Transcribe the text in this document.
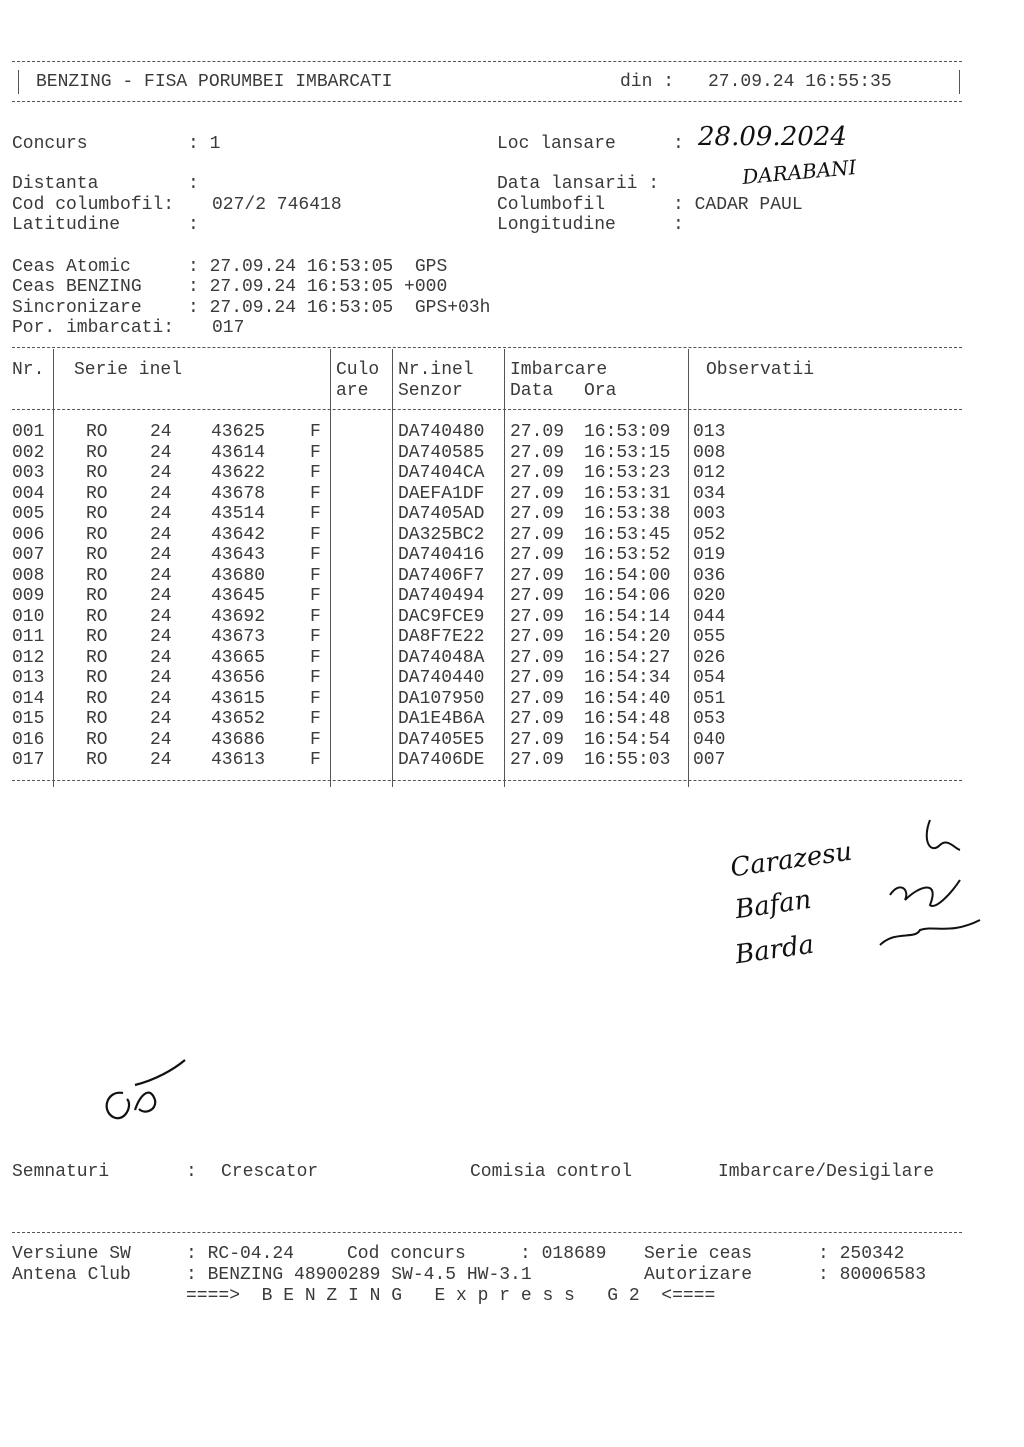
BENZING - FISA PORUMBEI IMBARCATI	din : 27.09.24 16:55:35
Concurs	: 1	Loc lansare	: 28.09.2024
DARABANI
Distanta	:	Data lansarii :
Cod columbofil: 027/2 746418	Columbofil	: CADAR PAUL
Latitudine	:	Longitudine	:
Ceas Atomic	: 27.09.24 16:53:05  GPS
Ceas BENZING	: 27.09.24 16:53:05 +000
Sincronizare	: 27.09.24 16:53:05  GPS+03h
Por. imbarcati: 017
Nr. Serie inel	Culo
are
Nr.inel
Senzor
Imbarcare
Data Ora
Observatii
001 RO 24 43625 F	DA740480 27.09 16:53:09 013
002 RO 24 43614 F	DA740585 27.09 16:53:15 008
003 RO 24 43622 F	DA7404CA 27.09 16:53:23 012
004 RO 24 43678 F	DAEFA1DF 27.09 16:53:31 034
005 RO 24 43514 F	DA7405AD 27.09 16:53:38 003
006 RO 24 43642 F	DA325BC2 27.09 16:53:45 052
007 RO 24 43643 F	DA740416 27.09 16:53:52 019
008 RO 24 43680 F	DA7406F7 27.09 16:54:00 036
009 RO 24 43645 F	DA740494 27.09 16:54:06 020
010 RO 24 43692 F	DAC9FCE9 27.09 16:54:14 044
011 RO 24 43673 F	DA8F7E22 27.09 16:54:20 055
012 RO 24 43665 F	DA74048A 27.09 16:54:27 026
013 RO 24 43656 F	DA740440 27.09 16:54:34 054
014 RO 24 43615 F	DA107950 27.09 16:54:40 051
015 RO 24 43652 F	DA1E4B6A 27.09 16:54:48 053
016 RO 24 43686 F	DA7405E5 27.09 16:54:54 040
017 RO 24 43613 F	DA7406DE 27.09 16:55:03 007
Carazesu
Bafan
Barda
Semnaturi	: Crescator	Comisia control	Imbarcare/Desigilare
Versiune SW	: RC-04.24	Cod concurs	: 018689 Serie ceas	: 250342
Antena Club	: BENZING 48900289 SW-4.5 HW-3.1	Autorizare	: 80006583
====>  B E N Z I N G   E x p r e s s   G 2  <====
